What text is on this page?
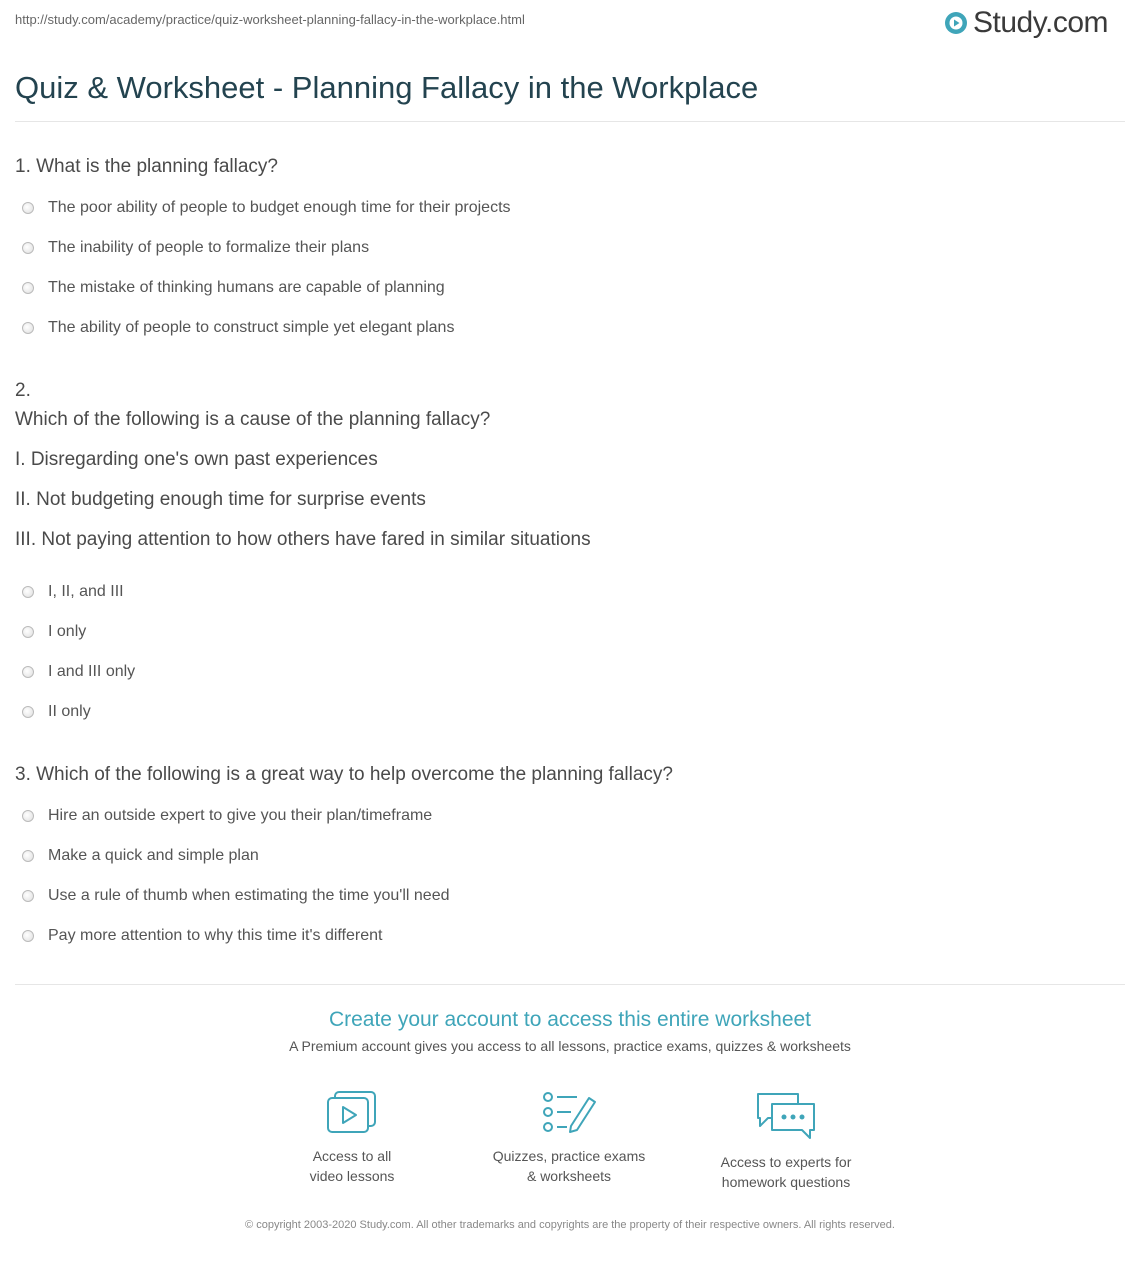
http://study.com/academy/practice/quiz-worksheet-planning-fallacy-in-the-workplace.html	Study.com
Quiz & Worksheet - Planning Fallacy in the Workplace
1. What is the planning fallacy?
The poor ability of people to budget enough time for their projects
The inability of people to formalize their plans
The mistake of thinking humans are capable of planning
The ability of people to construct simple yet elegant plans
2.
Which of the following is a cause of the planning fallacy?
I. Disregarding one's own past experiences
II. Not budgeting enough time for surprise events
III. Not paying attention to how others have fared in similar situations
I, II, and III
I only
I and III only
II only
3. Which of the following is a great way to help overcome the planning fallacy?
Hire an outside expert to give you their plan/timeframe
Make a quick and simple plan
Use a rule of thumb when estimating the time you'll need
Pay more attention to why this time it's different
Create your account to access this entire worksheet
A Premium account gives you access to all lessons, practice exams, quizzes & worksheets
Access to all
video lessons
Quizzes, practice exams
& worksheets
Access to experts for
homework questions
© copyright 2003-2020 Study.com. All other trademarks and copyrights are the property of their respective owners. All rights reserved.
